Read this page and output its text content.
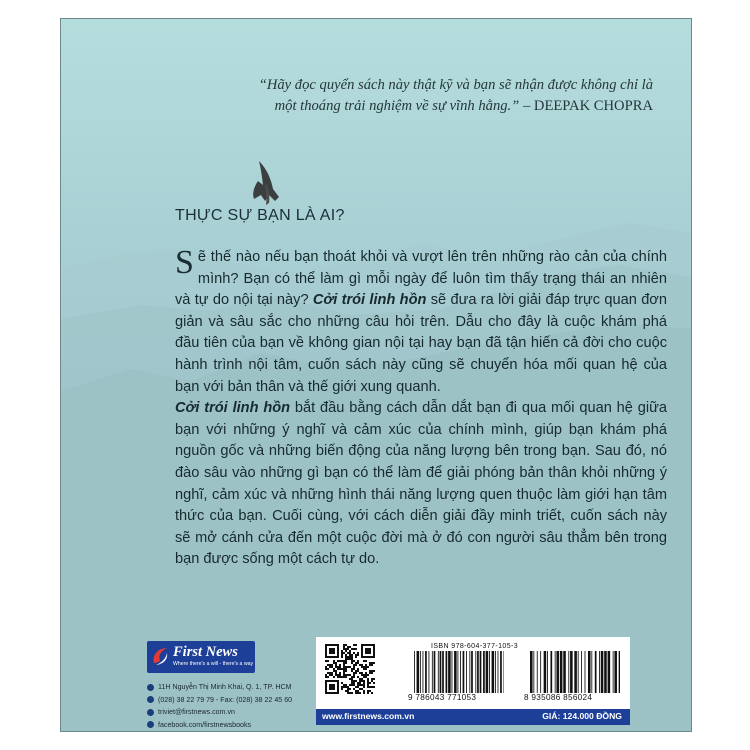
“Hãy đọc quyển sách này thật kỹ và bạn sẽ nhận được không chỉ là
một thoáng trải nghiệm về sự vĩnh hằng.” – DEEPAK CHOPRA
THỰC SỰ BẠN LÀ AI?

Sẽ thế nào nếu bạn thoát khỏi và vượt lên trên những rào cản của chính mình? Bạn có thể làm gì mỗi ngày để luôn tìm thấy trạng thái an nhiên và tự do nội tại này? Cởi trói linh hồn sẽ đưa ra lời giải đáp trực quan đơn giản và sâu sắc cho những câu hỏi trên. Dẫu cho đây là cuộc khám phá đầu tiên của bạn về không gian nội tại hay bạn đã tận hiến cả đời cho cuộc hành trình nội tâm, cuốn sách này cũng sẽ chuyển hóa mối quan hệ của bạn với bản thân và thế giới xung quanh.

Cởi trói linh hồn bắt đầu bằng cách dẫn dắt bạn đi qua mối quan hệ giữa bạn với những ý nghĩ và cảm xúc của chính mình, giúp bạn khám phá nguồn gốc và những biến động của năng lượng bên trong bạn. Sau đó, nó đào sâu vào những gì bạn có thể làm để giải phóng bản thân khỏi những ý nghĩ, cảm xúc và những hình thái năng lượng quen thuộc làm giới hạn tâm thức của bạn. Cuối cùng, với cách diễn giải đầy minh triết, cuốn sách này sẽ mở cánh cửa đến một cuộc đời mà ở đó con người sâu thẳm bên trong bạn được sống một cách tự do.

First News
Where there's a will - there's a way
11H Nguyễn Thị Minh Khai, Q. 1, TP. HCM
(028) 38 22 79 79 - Fax: (028) 38 22 45 60
triviet@firstnews.com.vn
facebook.com/firstnewsbooks
ISBN 978-604-377-105-3
9 786043 771053	8 935086 856024
www.firstnews.com.vn	GIÁ: 124.000 ĐỒNG
